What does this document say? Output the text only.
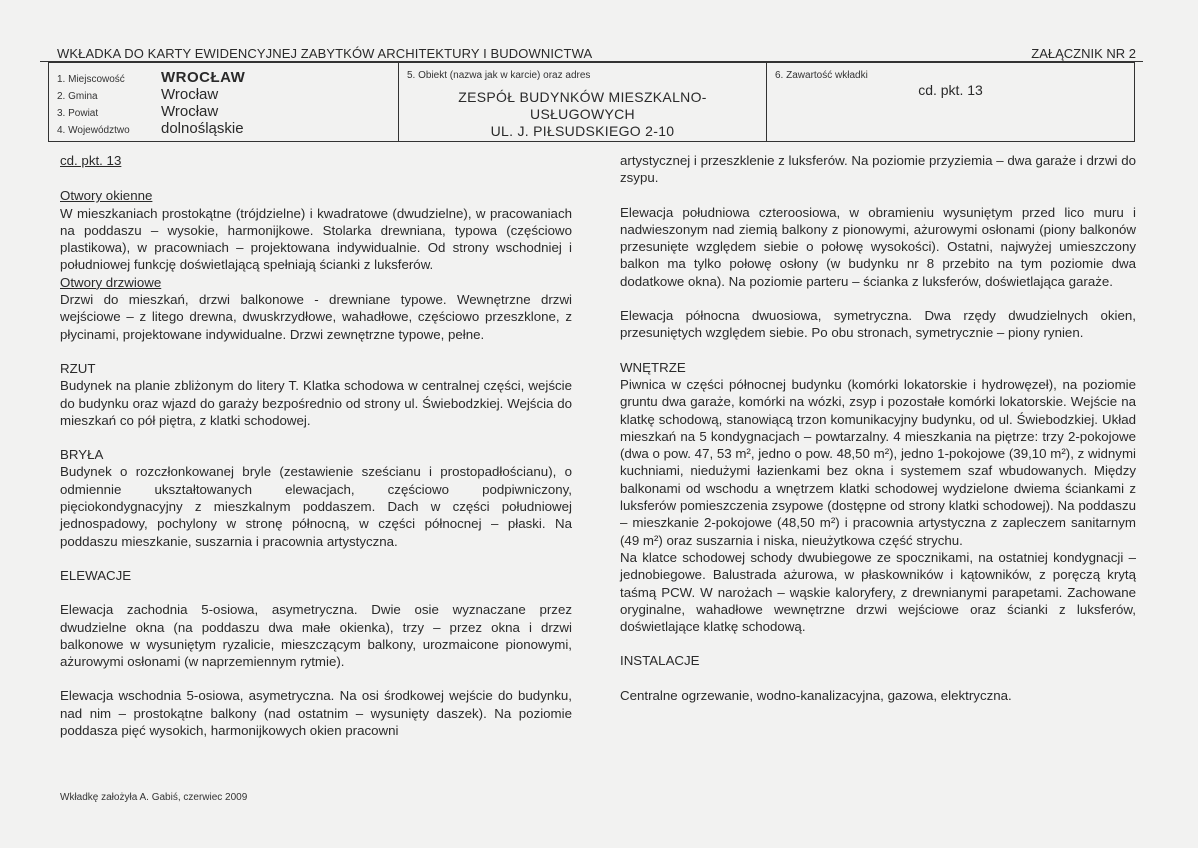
WKŁADKA DO KARTY EWIDENCYJNEJ ZABYTKÓW ARCHITEKTURY I BUDOWNICTWA	ZAŁĄCZNIK NR 2
1. Miejscowość	WROCŁAW
2. Gmina	Wrocław
3. Powiat	Wrocław
4. Województwo	dolnośląskie
5. Obiekt (nazwa jak w karcie) oraz adres
ZESPÓŁ BUDYNKÓW MIESZKALNO-
USŁUGOWYCH
UL. J. PIŁSUDSKIEGO 2-10
6. Zawartość wkładki
cd. pkt. 13

cd. pkt. 13

Otwory okienne
W mieszkaniach prostokątne (trójdzielne) i kwadratowe (dwudzielne), w pracowaniach na poddaszu – wysokie, harmonijkowe. Stolarka drewniana, typowa (częściowo plastikowa), w pracowniach – projektowana indywidualnie. Od strony wschodniej i południowej funkcję doświetlającą spełniają ścianki z luksferów.
Otwory drzwiowe
Drzwi do mieszkań, drzwi balkonowe - drewniane typowe. Wewnętrzne drzwi wejściowe – z litego drewna, dwuskrzydłowe, wahadłowe, częściowo przeszklone, z płycinami, projektowane indywidualne. Drzwi zewnętrzne typowe, pełne.

RZUT
Budynek na planie zbliżonym do litery T. Klatka schodowa w centralnej części, wejście do budynku oraz wjazd do garaży bezpośrednio od strony ul. Świebodzkiej. Wejścia do mieszkań co pół piętra, z klatki schodowej.

BRYŁA
Budynek o rozczłonkowanej bryle (zestawienie sześcianu i prostopadłościanu), o odmiennie ukształtowanych elewacjach, częściowo podpiwniczony, pięciokondygnacyjny z mieszkalnym poddaszem. Dach w części południowej jednospadowy, pochylony w stronę północną, w części północnej – płaski. Na poddaszu mieszkanie, suszarnia i pracownia artystyczna.

ELEWACJE

Elewacja zachodnia 5-osiowa, asymetryczna. Dwie osie wyznaczane przez dwudzielne okna (na poddaszu dwa małe okienka), trzy – przez okna i drzwi balkonowe w wysuniętym ryzalicie, mieszczącym balkony, urozmaicone pionowymi, ażurowymi osłonami (w naprzemiennym rytmie).

Elewacja wschodnia 5-osiowa, asymetryczna. Na osi środkowej wejście do budynku, nad nim – prostokątne balkony (nad ostatnim – wysunięty daszek). Na poziomie poddasza pięć wysokich, harmonijkowych okien pracowni

artystycznej i przeszklenie z luksferów. Na poziomie przyziemia – dwa garaże i drzwi do zsypu.

Elewacja południowa czteroosiowa, w obramieniu wysuniętym przed lico muru i nadwieszonym nad ziemią balkony z pionowymi, ażurowymi osłonami (piony balkonów przesunięte względem siebie o połowę wysokości). Ostatni, najwyżej umieszczony balkon ma tylko połowę osłony (w budynku nr 8 przebito na tym poziomie dwa dodatkowe okna). Na poziomie parteru – ścianka z luksferów, doświetlająca garaże.

Elewacja północna dwuosiowa, symetryczna. Dwa rzędy dwudzielnych okien, przesuniętych względem siebie. Po obu stronach, symetrycznie – piony rynien.

WNĘTRZE
Piwnica w części północnej budynku (komórki lokatorskie i hydrowęzeł), na poziomie gruntu dwa garaże, komórki na wózki, zsyp i pozostałe komórki lokatorskie. Wejście na klatkę schodową, stanowiącą trzon komunikacyjny budynku, od ul. Świebodzkiej. Układ mieszkań na 5 kondygnacjach – powtarzalny. 4 mieszkania na piętrze: trzy 2-pokojowe (dwa o pow. 47, 53 m², jedno o pow. 48,50 m²), jedno 1-pokojowe (39,10 m²), z widnymi kuchniami, niedużymi łazienkami bez okna i systemem szaf wbudowanych. Między balkonami od wschodu a wnętrzem klatki schodowej wydzielone dwiema ściankami z luksferów pomieszczenia zsypowe (dostępne od strony klatki schodowej). Na poddaszu – mieszkanie 2-pokojowe (48,50 m²) i pracownia artystyczna z zapleczem sanitarnym (49 m²) oraz suszarnia i niska, nieużytkowa część strychu.

Na klatce schodowej schody dwubiegowe ze spocznikami, na ostatniej kondygnacji – jednobiegowe. Balustrada ażurowa, w płaskowników i kątowników, z poręczą krytą taśmą PCW. W narożach – wąskie kaloryfery, z drewnianymi parapetami. Zachowane oryginalne, wahadłowe wewnętrzne drzwi wejściowe oraz ścianki z luksferów, doświetlające klatkę schodową.

INSTALACJE

Centralne ogrzewanie, wodno-kanalizacyjna, gazowa, elektryczna.

Wkładkę założyła A. Gabiś, czerwiec 2009
